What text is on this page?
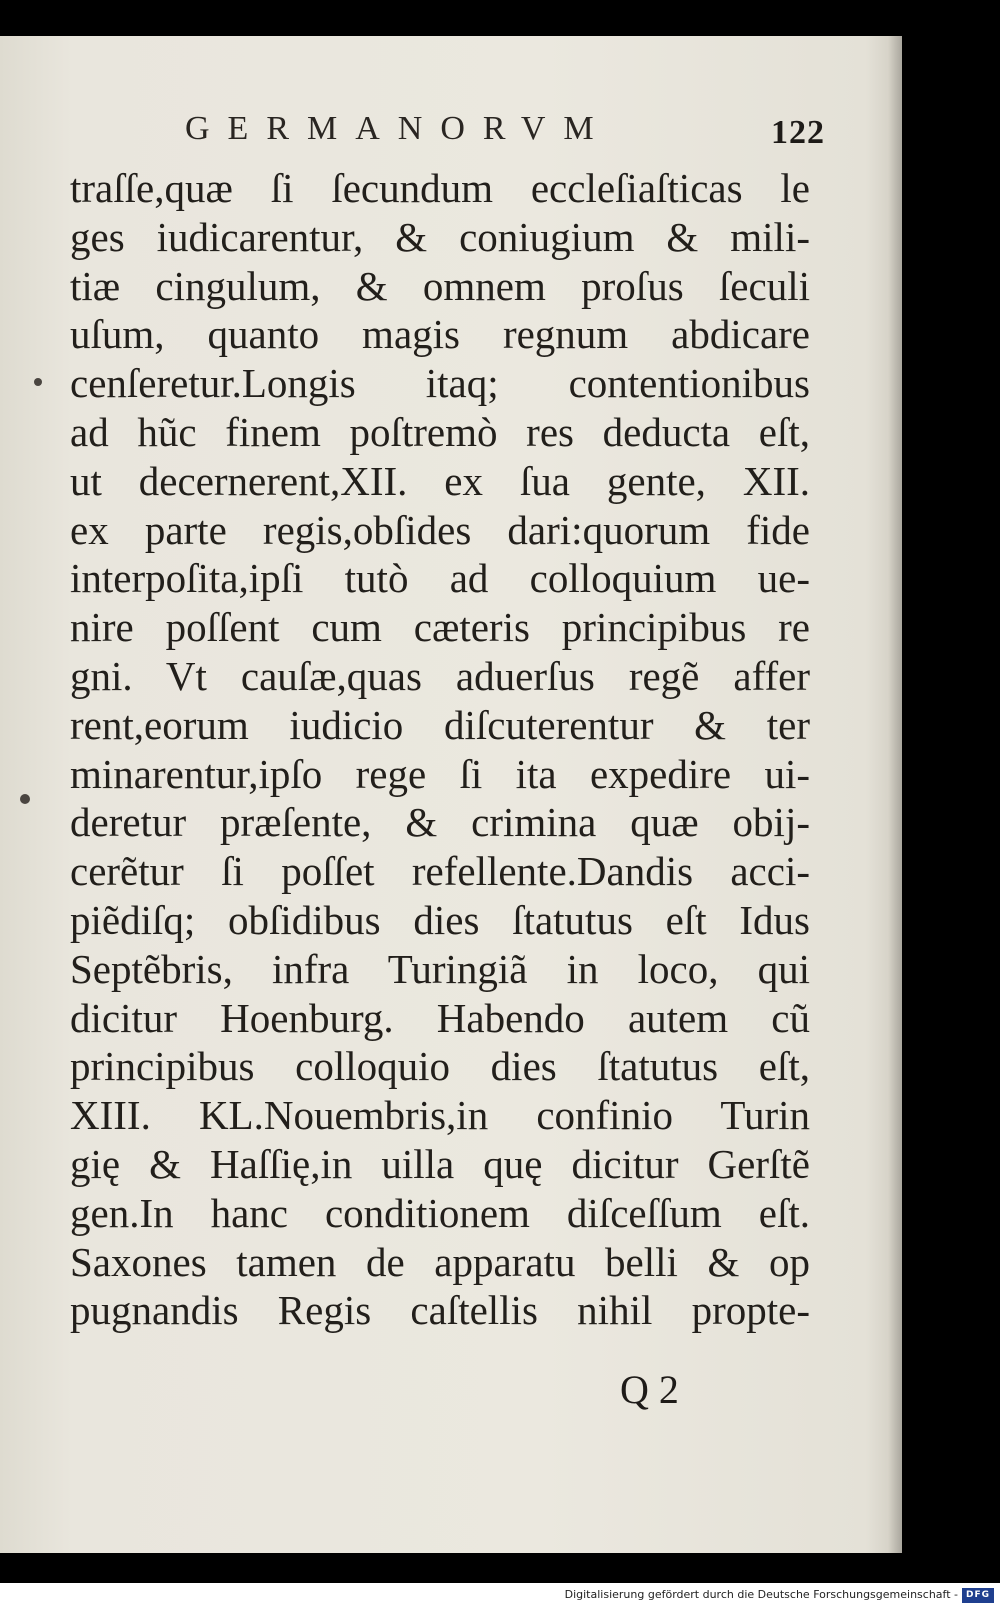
GERMANORVM	122
traſſe,quæ ſi ſecundum eccleſiaſticas le
ges iudicarentur, & coniugium & mili-
tiæ cingulum, & omnem proſus ſeculi
uſum, quanto magis regnum abdicare
cenſeretur.Longis itaq; contentionibus
ad hũc finem poſtremò res deducta eſt,
ut decernerent,XII. ex ſua gente, XII.
ex parte regis,obſides dari:quorum fide
interpoſita,ipſi tutò ad colloquium ue-
nire poſſent cum cæteris principibus re
gni. Vt cauſæ,quas aduerſus regẽ affer
rent,eorum iudicio diſcuterentur & ter
minarentur,ipſo rege ſi ita expedire ui-
deretur præſente, & crimina quæ obij-
cerẽtur ſi poſſet refellente.Dandis acci-
piẽdiſq; obſidibus dies ſtatutus eſt Idus
Septẽbris, infra Turingiã in loco, qui
dicitur Hoenburg. Habendo autem cũ
principibus colloquio dies ſtatutus eſt,
XIII. KL.Nouembris,in confinio Turin
gię & Haſſię,in uilla quę dicitur Gerſtẽ
gen.In hanc conditionem diſceſſum eſt.
Saxones tamen de apparatu belli & op
pugnandis Regis caſtellis nihil propte-
Q 2
Digitalisierung gefördert durch die Deutsche Forschungsgemeinschaft - DFG
